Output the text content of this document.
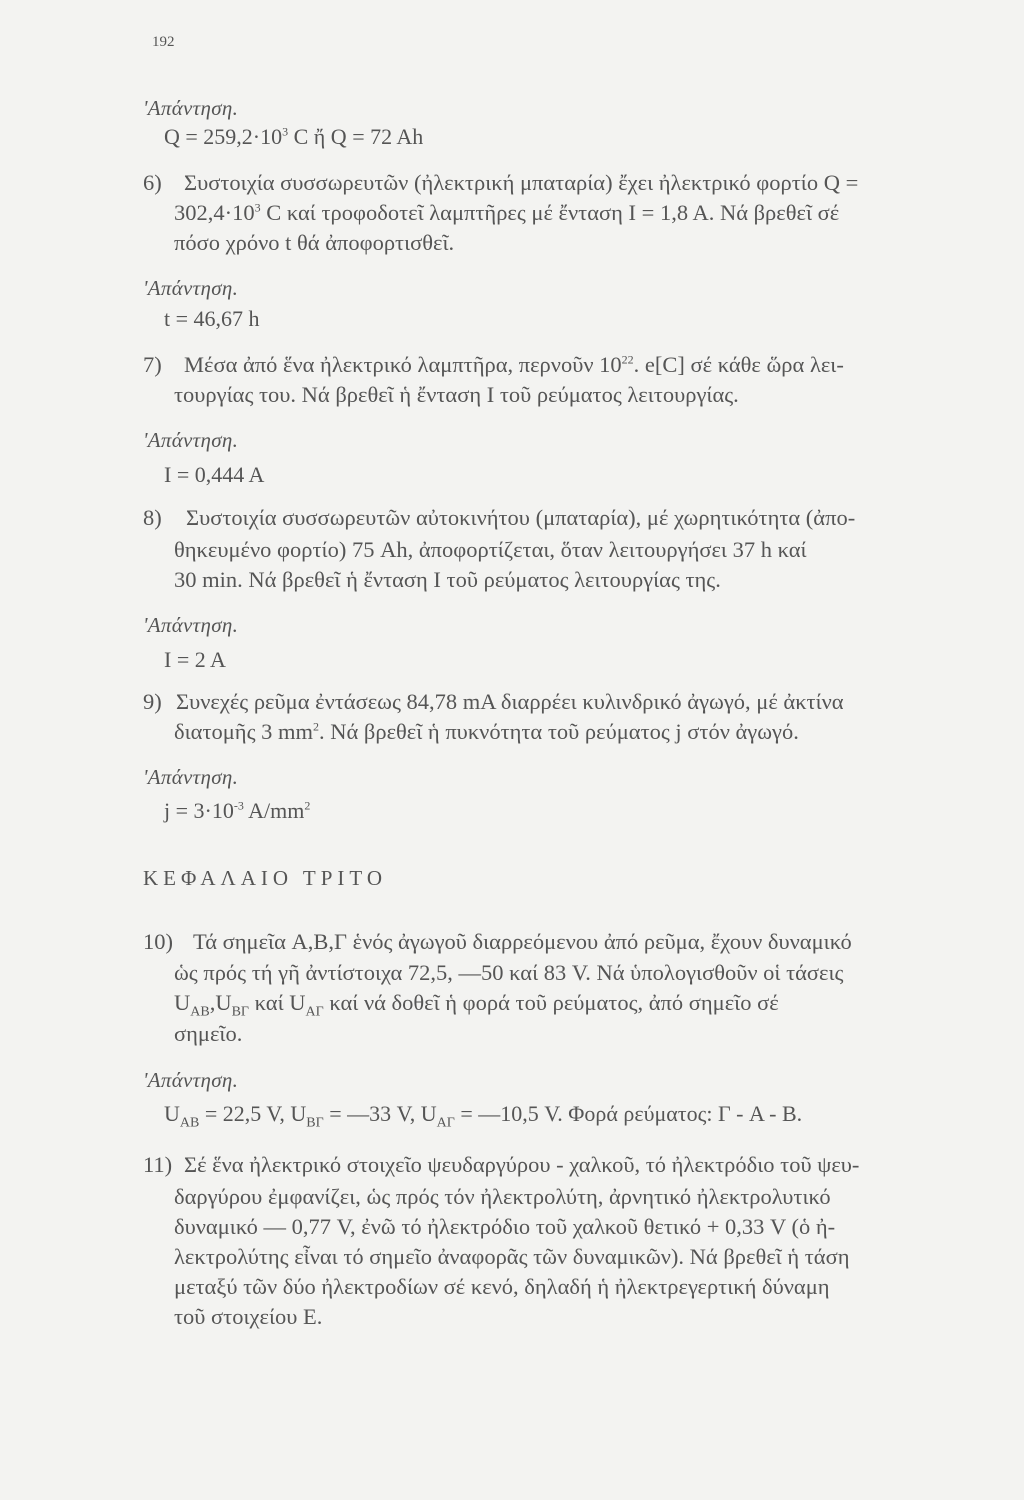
192
'Απάντηση.
$Q = 259,2\cdot 10^3$ C ἤ Q = 72 Ah
6) Συστοιχία συσσωρευτῶν (ἠλεκτρική μπαταρία) ἔχει ἠλεκτρικό φορτίο Q =
$302,4\cdot 10^3$ C καί τροφοδοτεῖ λαμπτῆρες μέ ἔνταση I = 1,8 A. Νά βρεθεῖ σέ
πόσο χρόνο t θά ἀποφορτισθεῖ.
'Απάντηση.
t = 46,67 h
7) Μέσα ἀπό ἕνα ἠλεκτρικό λαμπτῆρα, περνοῦν $10^{22}$. e[C] σέ κάθε ὥρα λει-
τουργίας του. Νά βρεθεῖ ἡ ἔνταση I τοῦ ρεύματος λειτουργίας.
'Απάντηση.
I = 0,444 A
8) Συστοιχία συσσωρευτῶν αὐτοκινήτου (μπαταρία), μέ χωρητικότητα (ἀπο-
θηκευμένο φορτίο) 75 Ah, ἀποφορτίζεται, ὅταν λειτουργήσει 37 h καί
30 min. Νά βρεθεῖ ἡ ἔνταση I τοῦ ρεύματος λειτουργίας της.
'Απάντηση.
I = 2 A
9) Συνεχές ρεῦμα ἐντάσεως 84,78 mA διαρρέει κυλινδρικό ἀγωγό, μέ ἀκτίνα
διατομῆς 3 $mm^2$. Νά βρεθεῖ ἡ πυκνότητα τοῦ ρεύματος j στόν ἀγωγό.
'Απάντηση.
$j = 3\cdot 10^{-3}$ $A/mm^2$
ΚΕΦΑΛΑΙΟ ΤΡΙΤΟ
10) Τά σημεῖα A,B,Γ ἑνός ἀγωγοῦ διαρρεόμενου ἀπό ρεῦμα, ἔχουν δυναμικό
ὡς πρός τή γῆ ἀντίστοιχα 72,5, —50 καί 83 V. Νά ὑπολογισθοῦν οἱ τάσεις
$U_{AB},U_{B\Gamma}$ καί $U_{A\Gamma}$ καί νά δοθεῖ ἡ φορά τοῦ ρεύματος, ἀπό σημεῖο σέ
σημεῖο.
'Απάντηση.
$U_{AB} = 22,5$ V, $U_{B\Gamma}$ = —33 V, $U_{A\Gamma}$ = —10,5 V. Φορά ρεύματος: Γ - A - B.
11) Σέ ἕνα ἠλεκτρικό στοιχεῖο ψευδαργύρου - χαλκοῦ, τό ἠλεκτρόδιο τοῦ ψευ-
δαργύρου ἐμφανίζει, ὡς πρός τόν ἠλεκτρολύτη, ἀρνητικό ἠλεκτρολυτικό
δυναμικό — 0,77 V, ἐνῶ τό ἠλεκτρόδιο τοῦ χαλκοῦ θετικό + 0,33 V (ὁ ἠ-
λεκτρολύτης εἶναι τό σημεῖο ἀναφορᾶς τῶν δυναμικῶν). Νά βρεθεῖ ἡ τάση
μεταξύ τῶν δύο ἠλεκτροδίων σέ κενό, δηλαδή ἡ ἠλεκτρεγερτική δύναμη
τοῦ στοιχείου E.
